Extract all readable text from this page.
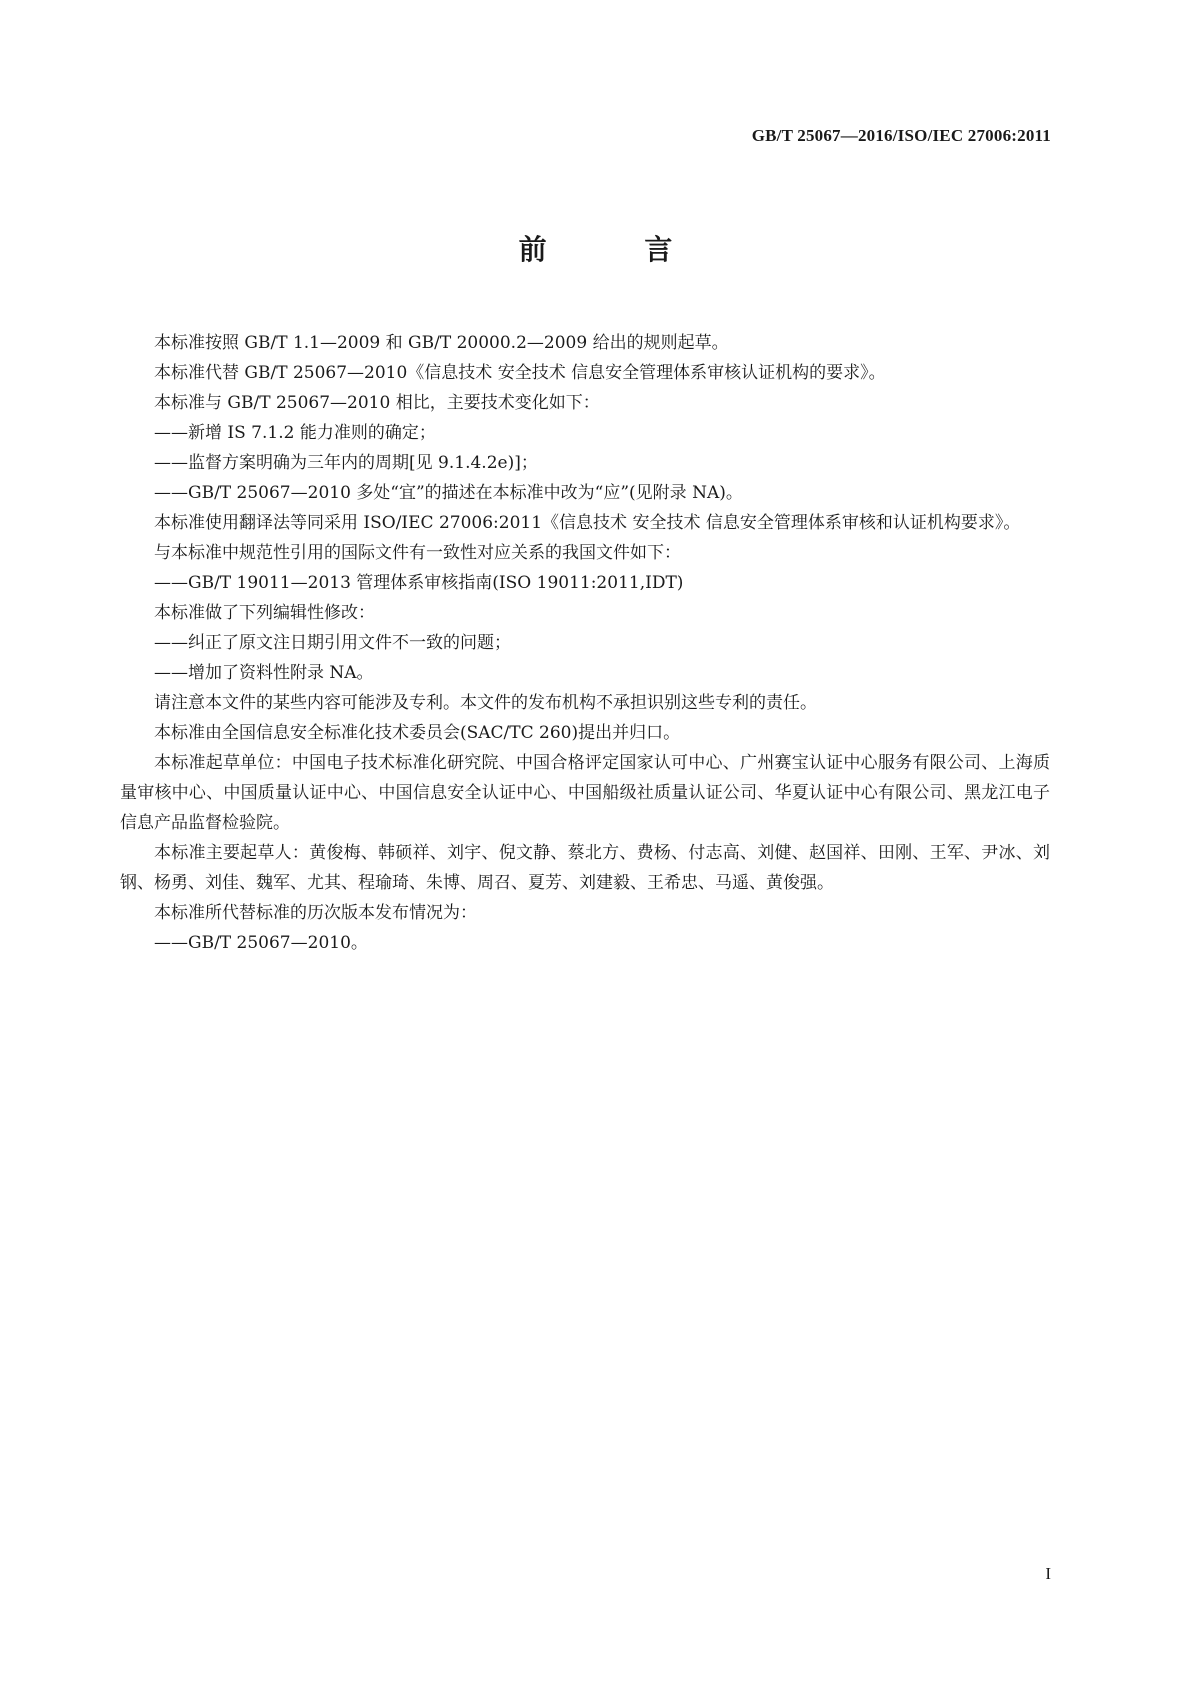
GB/T 25067—2016/ISO/IEC 27006:2011
前 言

本标准按照 GB/T 1.1—2009 和 GB/T 20000.2—2009 给出的规则起草。

本标准代替 GB/T 25067—2010《信息技术 安全技术 信息安全管理体系审核认证机构的要求》。

本标准与 GB/T 25067—2010 相比，主要技术变化如下：

——新增 IS 7.1.2 能力准则的确定；

——监督方案明确为三年内的周期[见 9.1.4.2e)]；

——GB/T 25067—2010 多处“宜”的描述在本标准中改为“应”(见附录 NA)。

本标准使用翻译法等同采用 ISO/IEC 27006:2011《信息技术 安全技术 信息安全管理体系审核和认证机构要求》。

与本标准中规范性引用的国际文件有一致性对应关系的我国文件如下：

——GB/T 19011—2013 管理体系审核指南(ISO 19011:2011,IDT)

本标准做了下列编辑性修改：

——纠正了原文注日期引用文件不一致的问题；

——增加了资料性附录 NA。

请注意本文件的某些内容可能涉及专利。本文件的发布机构不承担识别这些专利的责任。

本标准由全国信息安全标准化技术委员会(SAC/TC 260)提出并归口。

本标准起草单位：中国电子技术标准化研究院、中国合格评定国家认可中心、广州赛宝认证中心服务有限公司、上海质量审核中心、中国质量认证中心、中国信息安全认证中心、中国船级社质量认证公司、华夏认证中心有限公司、黑龙江电子信息产品监督检验院。

本标准主要起草人：黄俊梅、韩硕祥、刘宇、倪文静、蔡北方、费杨、付志高、刘健、赵国祥、田刚、王军、尹冰、刘钢、杨勇、刘佳、魏军、尤其、程瑜琦、朱博、周召、夏芳、刘建毅、王希忠、马遥、黄俊强。

本标准所代替标准的历次版本发布情况为：

——GB/T 25067—2010。

I
